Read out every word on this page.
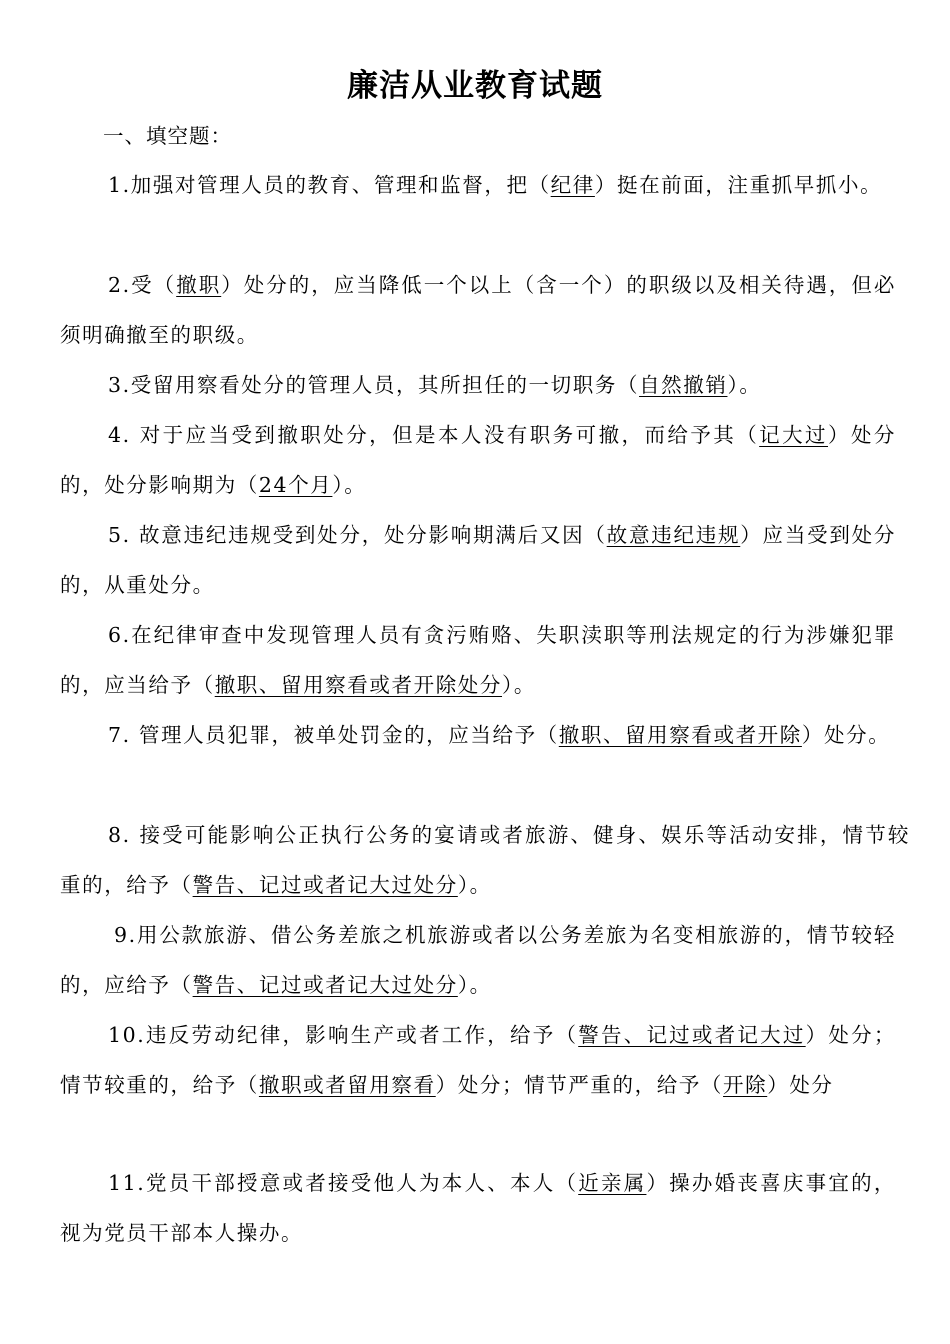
廉洁从业教育试题
一、填空题：

1.加强对管理人员的教育、管理和监督，把（纪律）挺在前面，注重抓早抓小。

2.受（撤职）处分的，应当降低一个以上（含一个）的职级以及相关待遇，但必须明确撤至的职级。

3.受留用察看处分的管理人员，其所担任的一切职务（自然撤销）。

4. 对于应当受到撤职处分，但是本人没有职务可撤，而给予其（记大过）处分的，处分影响期为（24个月）。

5. 故意违纪违规受到处分，处分影响期满后又因（故意违纪违规）应当受到处分的，从重处分。

6.在纪律审查中发现管理人员有贪污贿赂、失职渎职等刑法规定的行为涉嫌犯罪的，应当给予（撤职、留用察看或者开除处分）。

7. 管理人员犯罪，被单处罚金的，应当给予（撤职、留用察看或者开除）处分。

8. 接受可能影响公正执行公务的宴请或者旅游、健身、娱乐等活动安排，情节较重的，给予（警告、记过或者记大过处分）。

9.用公款旅游、借公务差旅之机旅游或者以公务差旅为名变相旅游的，情节较轻的，应给予（警告、记过或者记大过处分）。

10.违反劳动纪律，影响生产或者工作，给予（警告、记过或者记大过）处分；情节较重的，给予（撤职或者留用察看）处分；情节严重的，给予（开除）处分

11.党员干部授意或者接受他人为本人、本人（近亲属）操办婚丧喜庆事宜的，视为党员干部本人操办。
